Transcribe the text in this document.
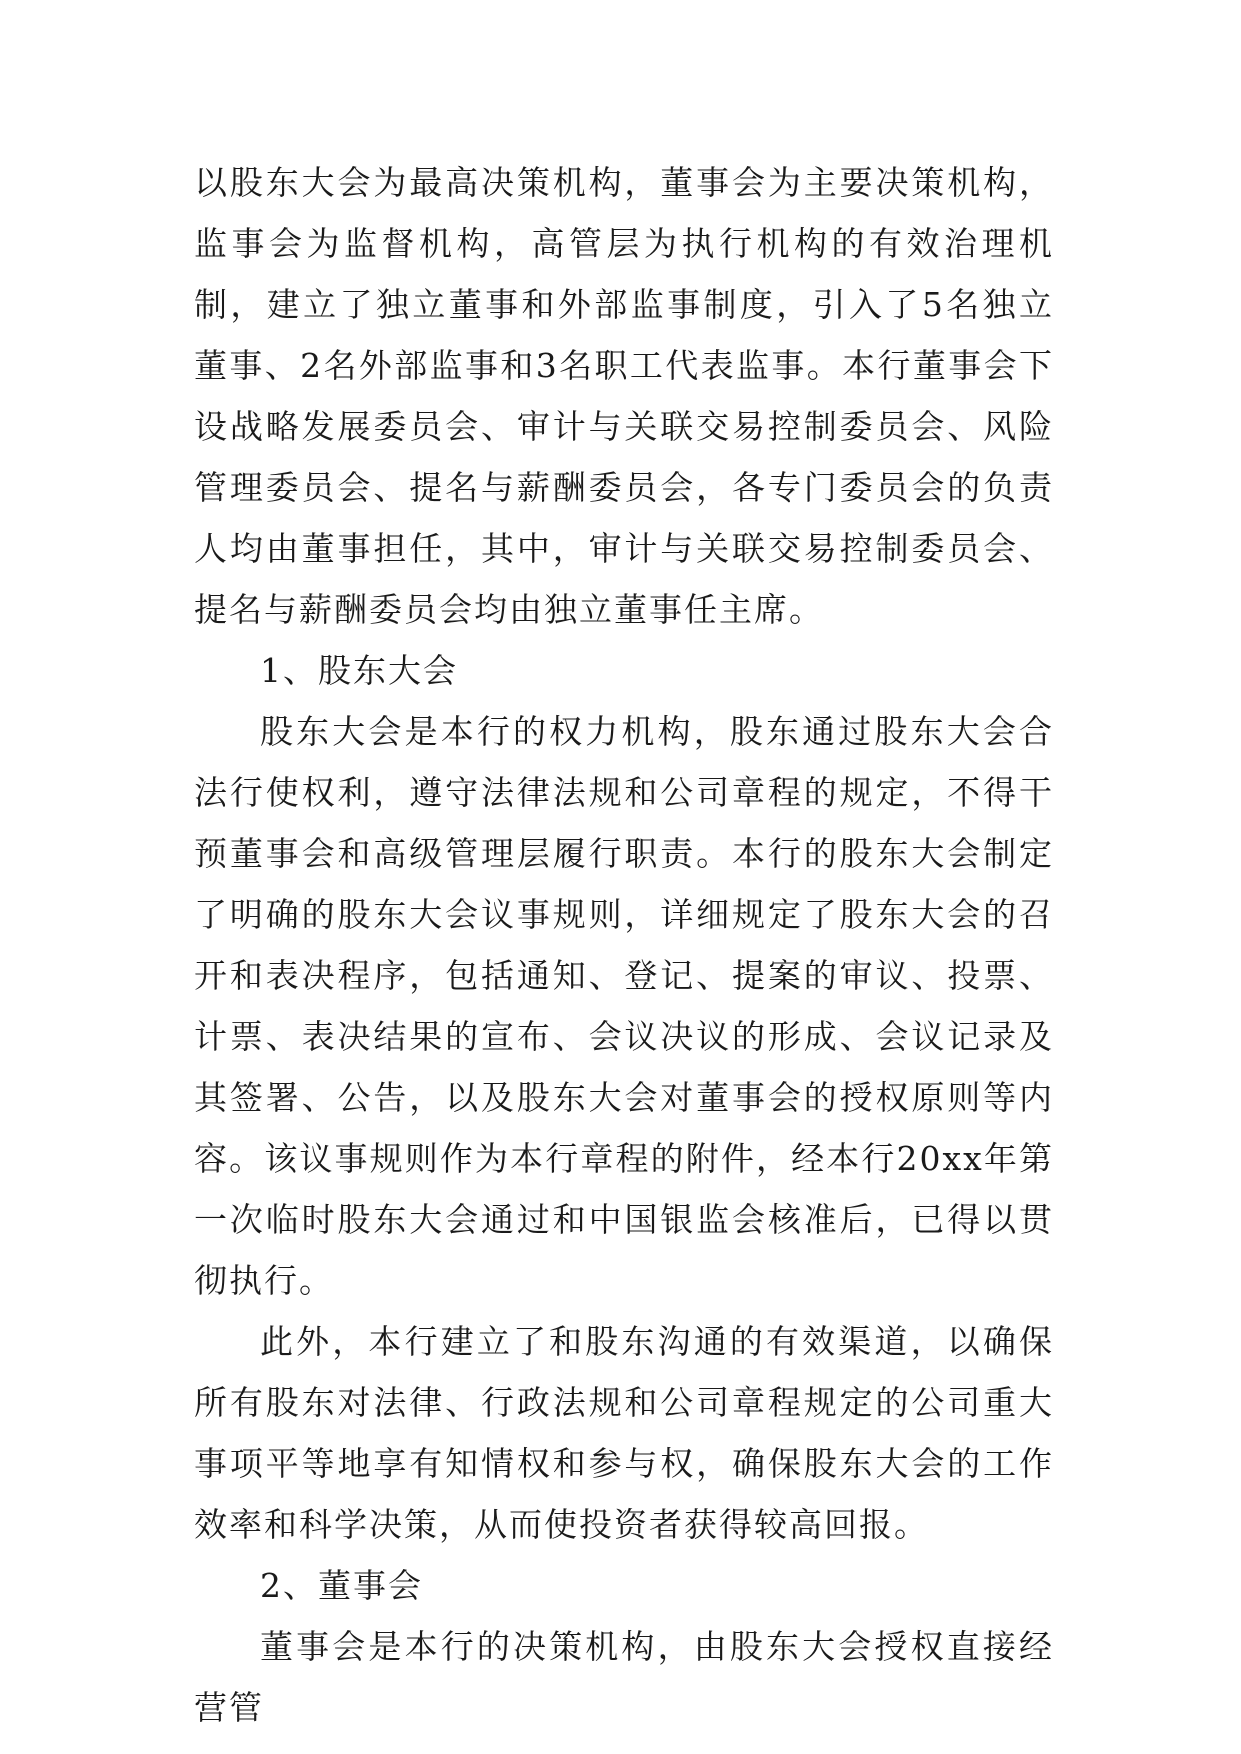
以股东大会为最高决策机构，董事会为主要决策机构，监事会为监督机构，高管层为执行机构的有效治理机制，建立了独立董事和外部监事制度，引入了5名独立董事、2名外部监事和3名职工代表监事。本行董事会下设战略发展委员会、审计与关联交易控制委员会、风险管理委员会、提名与薪酬委员会，各专门委员会的负责人均由董事担任，其中，审计与关联交易控制委员会、提名与薪酬委员会均由独立董事任主席。

1、股东大会

股东大会是本行的权力机构，股东通过股东大会合法行使权利，遵守法律法规和公司章程的规定，不得干预董事会和高级管理层履行职责。本行的股东大会制定了明确的股东大会议事规则，详细规定了股东大会的召开和表决程序，包括通知、登记、提案的审议、投票、计票、表决结果的宣布、会议决议的形成、会议记录及其签署、公告，以及股东大会对董事会的授权原则等内容。该议事规则作为本行章程的附件，经本行20xx年第一次临时股东大会通过和中国银监会核准后，已得以贯彻执行。

此外，本行建立了和股东沟通的有效渠道，以确保所有股东对法律、行政法规和公司章程规定的公司重大事项平等地享有知情权和参与权，确保股东大会的工作效率和科学决策，从而使投资者获得较高回报。

2、董事会

董事会是本行的决策机构，由股东大会授权直接经营管
